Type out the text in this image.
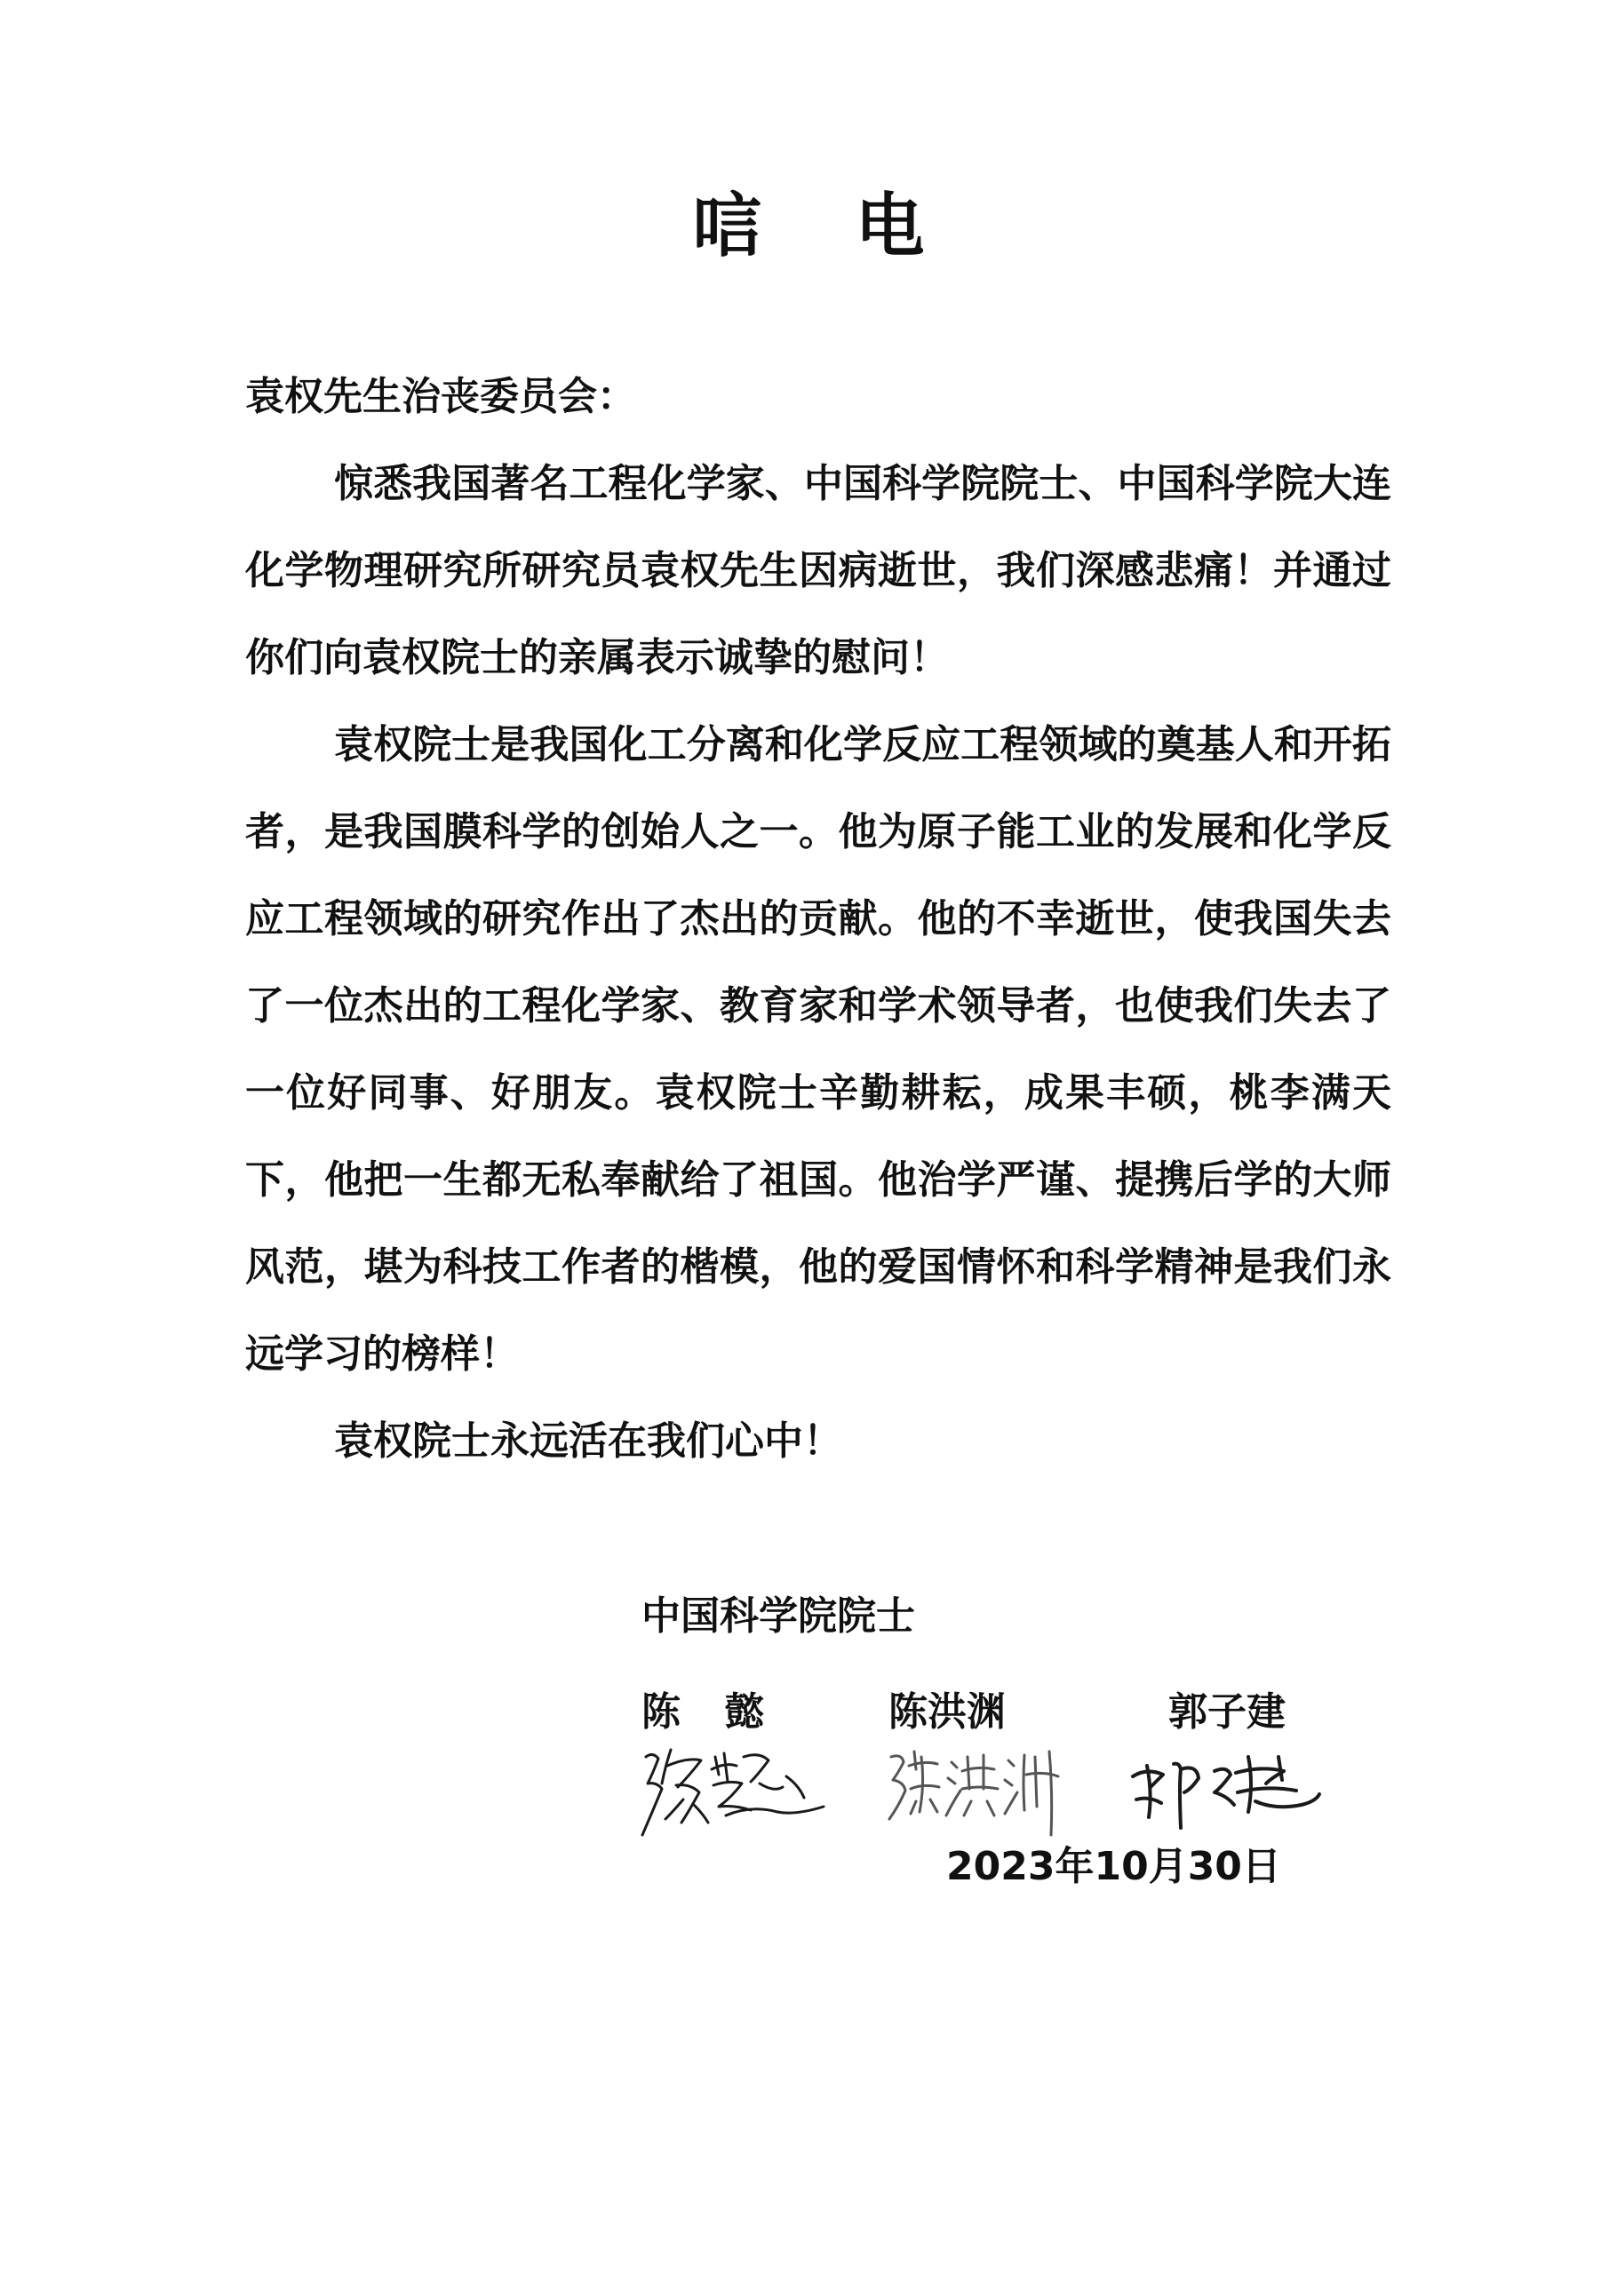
唁电

袁权先生治丧委员会：

惊悉我国著名工程化学家、中国科学院院士、中国科学院大连化学物理研究所研究员袁权先生因病逝世，我们深感悲痛！并通过你们向袁权院士的亲属表示诚挚的慰问！

袁权院士是我国化工分离和化学反应工程领域的奠基人和开拓者，是我国膜科学的创始人之一。他为原子能工业的发展和化学反应工程领域的研究作出了杰出的贡献。他的不幸逝世，使我国失去了一位杰出的工程化学家、教育家和学术领导者，也使我们失去了一位好同事、好朋友。袁权院士辛勤耕耘，成果丰硕，桃李满天下，他把一生都无私奉献给了祖国。他治学严谨、提携后学的大师风范，堪为科技工作者的楷模，他的爱国情怀和科学精神是我们永远学习的榜样！

袁权院士永远活在我们心中！

中国科学院院士
陈懿 陈洪渊	郭子建
2023年10月30日
